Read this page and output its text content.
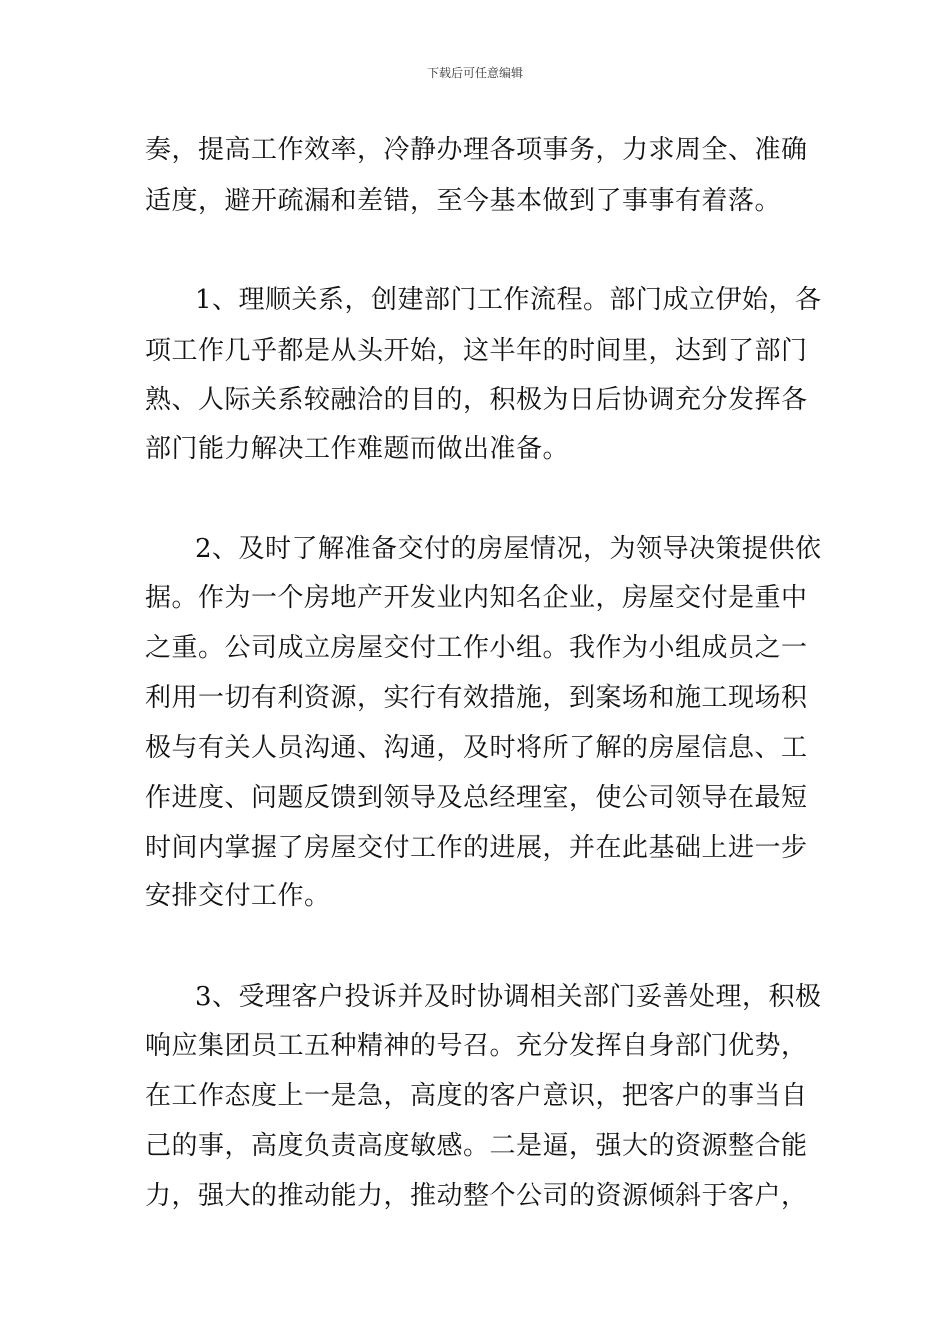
下载后可任意编辑
奏，提高工作效率，冷静办理各项事务，力求周全、准确
适度，避开疏漏和差错，至今基本做到了事事有着落。
1、理顺关系，创建部门工作流程。部门成立伊始，各
项工作几乎都是从头开始，这半年的时间里，达到了部门
熟、人际关系较融洽的目的，积极为日后协调充分发挥各
部门能力解决工作难题而做出准备。
2、及时了解准备交付的房屋情况，为领导决策提供依
据。作为一个房地产开发业内知名企业，房屋交付是重中
之重。公司成立房屋交付工作小组。我作为小组成员之一
利用一切有利资源，实行有效措施，到案场和施工现场积
极与有关人员沟通、沟通，及时将所了解的房屋信息、工
作进度、问题反馈到领导及总经理室，使公司领导在最短
时间内掌握了房屋交付工作的进展，并在此基础上进一步
安排交付工作。
3、受理客户投诉并及时协调相关部门妥善处理，积极
响应集团员工五种精神的号召。充分发挥自身部门优势，
在工作态度上一是急，高度的客户意识，把客户的事当自
己的事，高度负责高度敏感。二是逼，强大的资源整合能
力，强大的推动能力，推动整个公司的资源倾斜于客户，
